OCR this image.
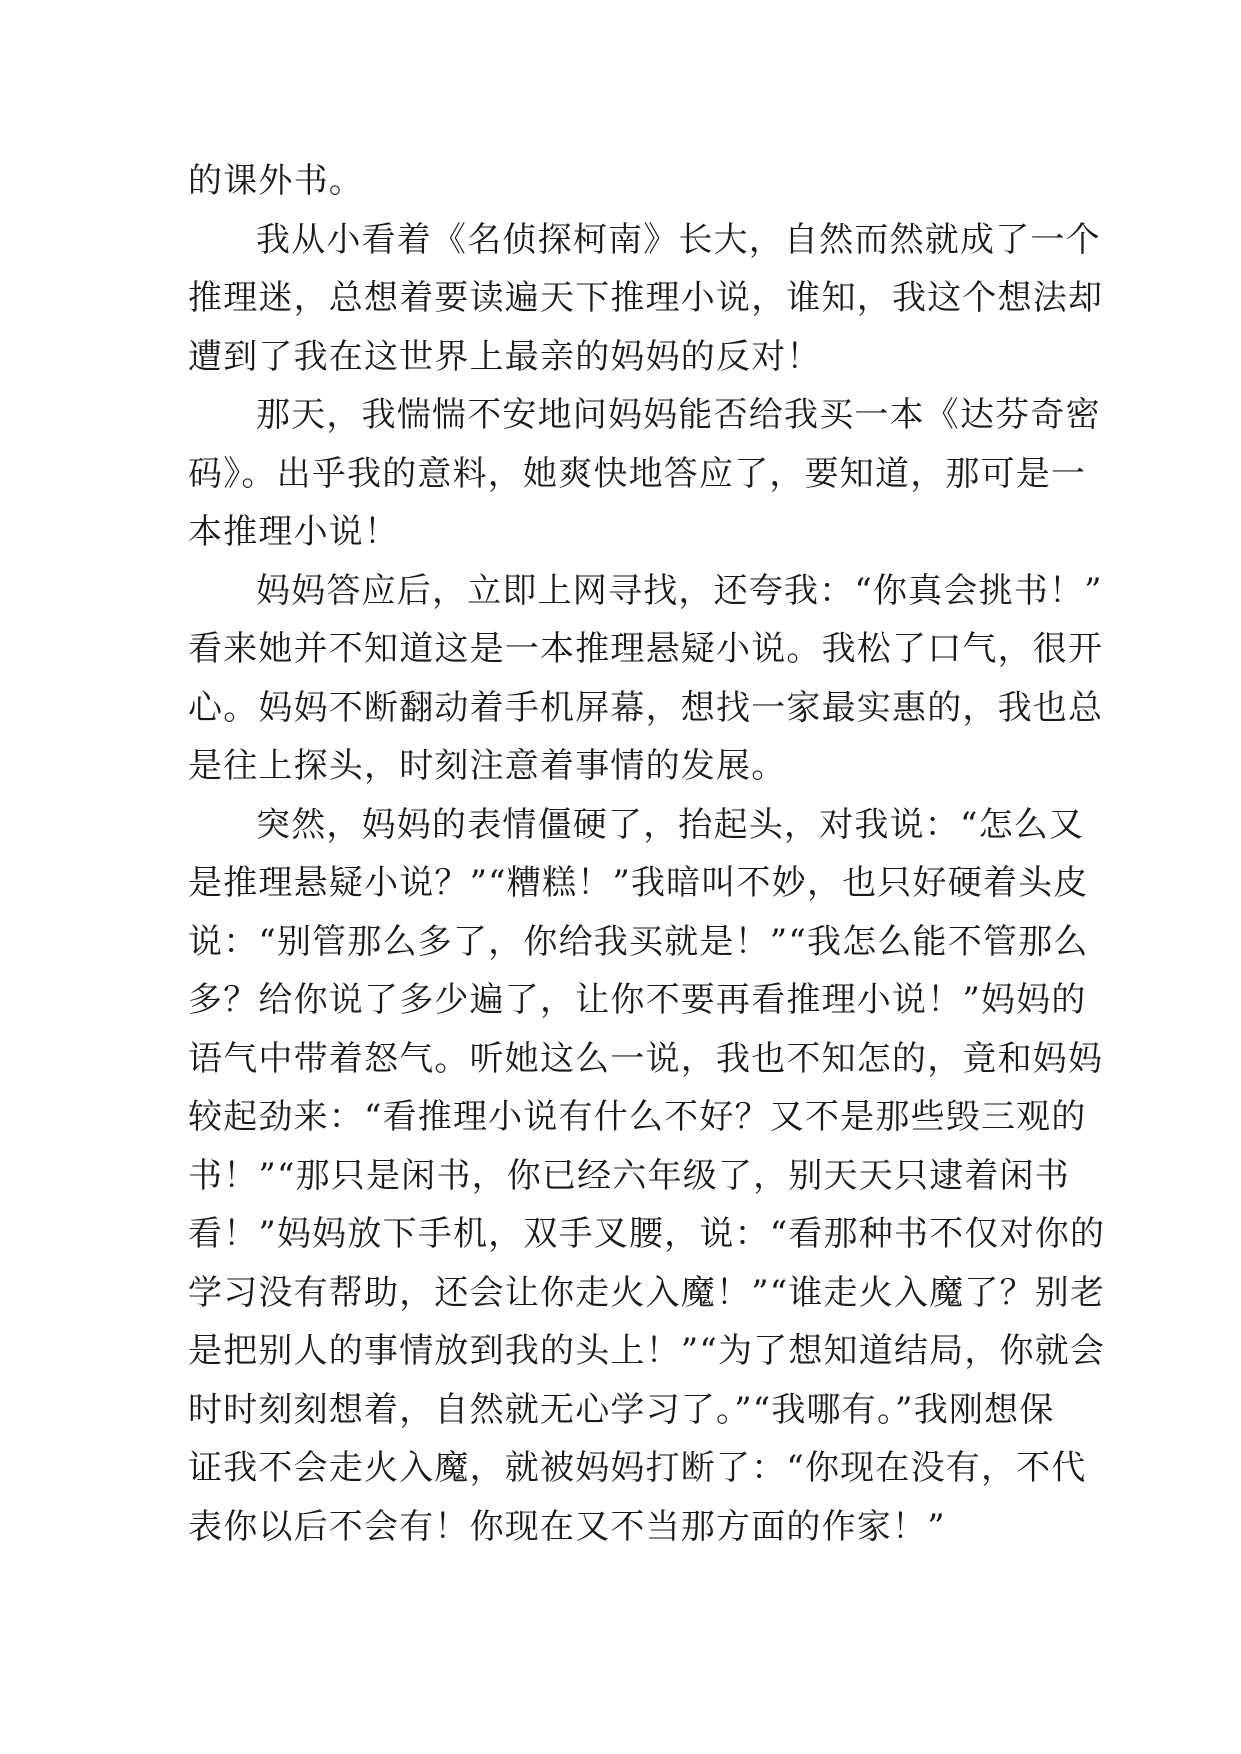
的课外书。
我从小看着《名侦探柯南》长大，自然而然就成了一个
推理迷，总想着要读遍天下推理小说，谁知，我这个想法却
遭到了我在这世界上最亲的妈妈的反对！
那天，我惴惴不安地问妈妈能否给我买一本《达芬奇密
码》。出乎我的意料，她爽快地答应了，要知道，那可是一
本推理小说！
妈妈答应后，立即上网寻找，还夸我：“你真会挑书！”
看来她并不知道这是一本推理悬疑小说。我松了口气，很开
心。妈妈不断翻动着手机屏幕，想找一家最实惠的，我也总
是往上探头，时刻注意着事情的发展。
突然，妈妈的表情僵硬了，抬起头，对我说：“怎么又
是推理悬疑小说？”“糟糕！”我暗叫不妙，也只好硬着头皮
说：“别管那么多了，你给我买就是！”“我怎么能不管那么
多？给你说了多少遍了，让你不要再看推理小说！”妈妈的
语气中带着怒气。听她这么一说，我也不知怎的，竟和妈妈
较起劲来：“看推理小说有什么不好？又不是那些毁三观的
书！”“那只是闲书，你已经六年级了，别天天只逮着闲书
看！”妈妈放下手机，双手叉腰，说：“看那种书不仅对你的
学习没有帮助，还会让你走火入魔！”“谁走火入魔了？别老
是把别人的事情放到我的头上！”“为了想知道结局，你就会
时时刻刻想着，自然就无心学习了。”“我哪有。”我刚想保
证我不会走火入魔，就被妈妈打断了：“你现在没有，不代
表你以后不会有！你现在又不当那方面的作家！”
